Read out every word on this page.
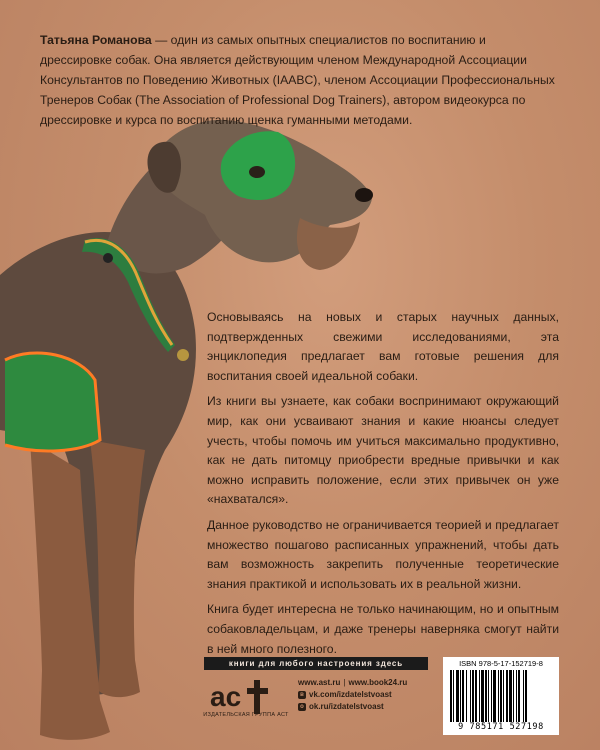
Татьяна Романова — один из самых опытных специалистов по воспитанию и дрессировке собак. Она является действующим членом Международной Ассоциации Консультантов по Поведению Животных (IAABC), членом Ассоциации Профессиональных Тренеров Собак (The Association of Professional Dog Trainers), автором видеокурса по дрессировке и курса по воспитанию щенка гуманными методами.

Основываясь на новых и старых научных данных, подтвержденных свежими исследованиями, эта энциклопедия предлагает вам готовые решения для воспитания своей идеальной собаки.

Из книги вы узнаете, как собаки воспринимают окружающий мир, как они усваивают знания и какие нюансы следует учесть, чтобы помочь им учиться максимально продуктивно, как не дать питомцу приобрести вредные привычки и как можно исправить положение, если этих привычек он уже «нахватался».

Данное руководство не ограничивается теорией и предлагает множество пошагово расписанных упражнений, чтобы дать вам возможность закрепить полученные теоретические знания практикой и использовать их в реальной жизни.

Книга будет интересна не только начинающим, но и опытным собаковладельцам, и даже тренеры наверняка смогут найти в ней много полезного.

книги для любого настроения здесь
ac
ИЗДАТЕЛЬСКАЯ ГРУППА АСТ
www.ast.ru | www.book24.ru
в vk.com/izdatelstvoast
о ok.ru/izdatelstvoast
ISBN 978-5-17-152719-8
9 785171 527198
